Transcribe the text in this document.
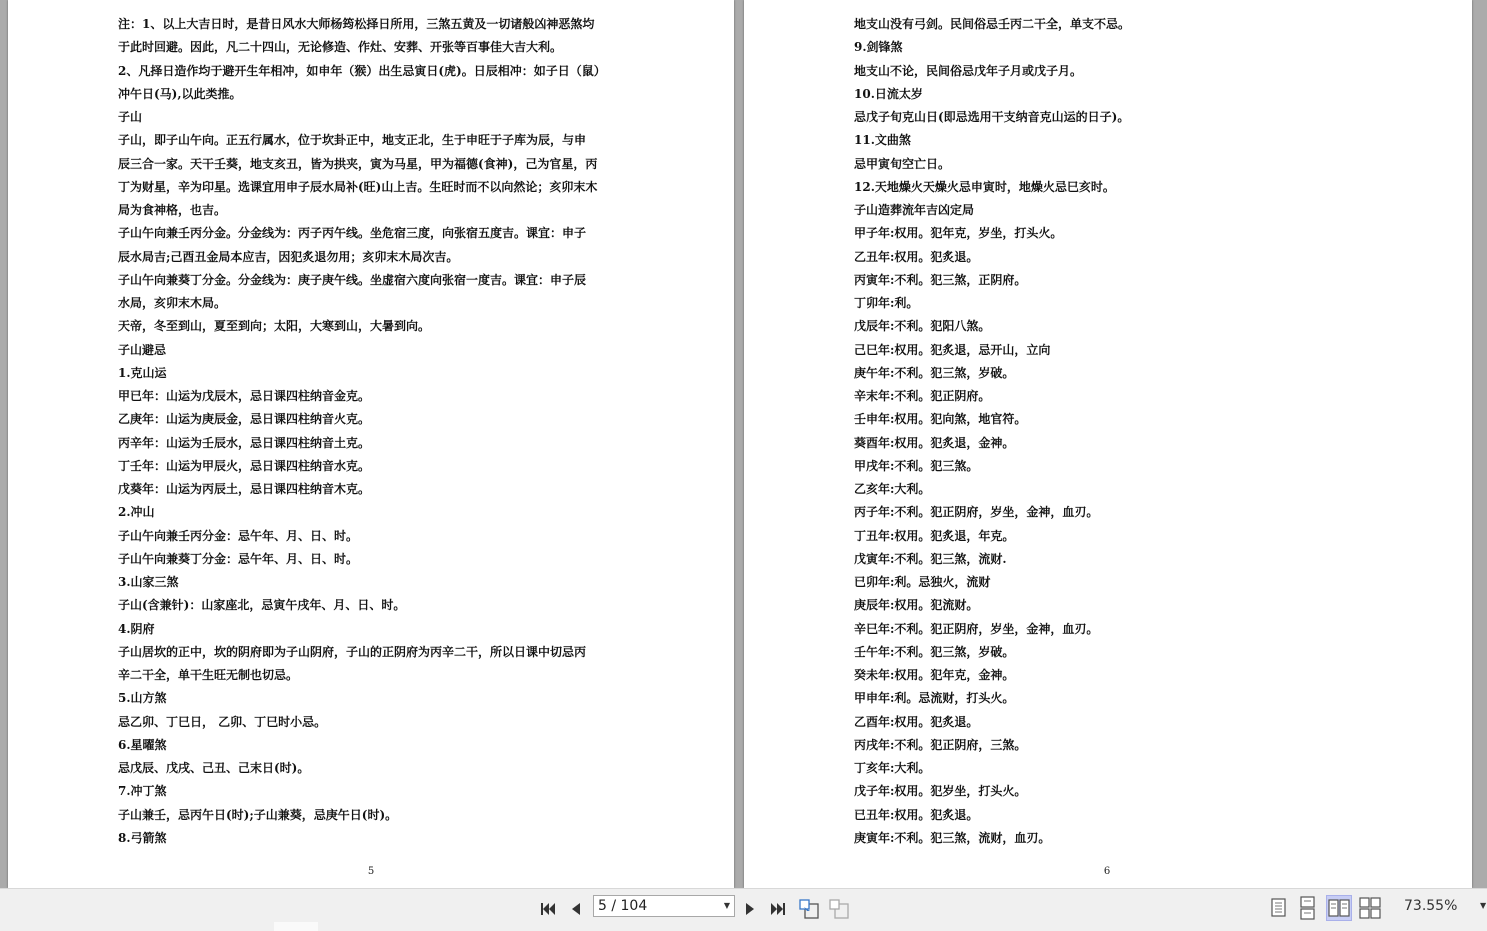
注：1、以上大吉日时，是昔日风水大师杨筠松择日所用，三煞五黄及一切诸般凶神恶煞均
于此时回避。因此，凡二十四山，无论修造、作灶、安葬、开张等百事佳大吉大利。
2、凡择日造作均于避开生年相冲，如申年（猴）出生忌寅日(虎)。日辰相冲：如子日（鼠）
冲午日(马),以此类推。
子山
子山，即子山午向。正五行属水，位于坎卦正中，地支正北，生于申旺于子库为辰，与申
辰三合一家。天干壬葵，地支亥丑，皆为拱夹，寅为马星，甲为福德(食神)，己为官星，丙
丁为财星，辛为印星。选课宜用申子辰水局补(旺)山上吉。生旺时而不以向然论；亥卯末木
局为食神格，也吉。
子山午向兼壬丙分金。分金线为：丙子丙午线。坐危宿三度，向张宿五度吉。课宜：申子
辰水局吉;己酉丑金局本应吉，因犯炙退勿用；亥卯末木局次吉。
子山午向兼葵丁分金。分金线为：庚子庚午线。坐虚宿六度向张宿一度吉。课宜：申子辰
水局，亥卯末木局。
天帝，冬至到山，夏至到向；太阳，大寒到山，大暑到向。
子山避忌
1.克山运
甲已年：山运为戊辰木，忌日课四柱纳音金克。
乙庚年：山运为庚辰金，忌日课四柱纳音火克。
丙辛年：山运为壬辰水，忌日课四柱纳音土克。
丁壬年：山运为甲辰火，忌日课四柱纳音水克。
戊葵年：山运为丙辰土，忌日课四柱纳音木克。
2.冲山
子山午向兼壬丙分金：忌午年、月、日、时。
子山午向兼葵丁分金：忌午年、月、日、时。
3.山家三煞
子山(含兼针)：山家座北，忌寅午戌年、月、日、时。
4.阴府
子山居坎的正中，坎的阴府即为子山阴府，子山的正阴府为丙辛二干，所以日课中切忌丙
辛二干全，单干生旺无制也切忌。
5.山方煞
忌乙卯、丁巳日， 乙卯、丁巳时小忌。
6.星曜煞
忌戊辰、戊戌、己丑、己末日(时)。
7.冲丁煞
子山兼壬，忌丙午日(时);子山兼葵，忌庚午日(时)。
8.弓箭煞
5
地支山没有弓剑。民间俗忌壬丙二干全，单支不忌。
9.剑锋煞
地支山不论，民间俗忌戊年子月或戊子月。
10.日流太岁
忌戊子旬克山日(即忌选用干支纳音克山运的日子)。
11.文曲煞
忌甲寅旬空亡日。
12.天地燥火天燥火忌申寅时，地燥火忌巳亥时。
子山造葬流年吉凶定局
甲子年:权用。犯年克，岁坐，打头火。
乙丑年:权用。犯炙退。
丙寅年:不利。犯三煞，正阴府。
丁卯年:利。
戊辰年:不利。犯阳八煞。
己巳年:权用。犯炙退，忌开山，立向
庚午年:不利。犯三煞，岁破。
辛末年:不利。犯正阴府。
壬申年:权用。犯向煞，地官符。
葵酉年:权用。犯炙退，金神。
甲戌年:不利。犯三煞。
乙亥年:大利。
丙子年:不利。犯正阴府，岁坐，金神，血刃。
丁丑年:权用。犯炙退，年克。
戊寅年:不利。犯三煞，流财.
已卯年:利。忌独火，流财
庚辰年:权用。犯流财。
辛巳年:不利。犯正阴府，岁坐，金神，血刃。
壬午年:不利。犯三煞，岁破。
癸未年:权用。犯年克，金神。
甲申年:利。忌流财，打头火。
乙酉年:权用。犯炙退。
丙戌年:不利。犯正阴府，三煞。
丁亥年:大利。
戊子年:权用。犯岁坐，打头火。
已丑年:权用。犯炙退。
庚寅年:不利。犯三煞，流财，血刃。
6
5 / 104	▼	73.55%	▼
